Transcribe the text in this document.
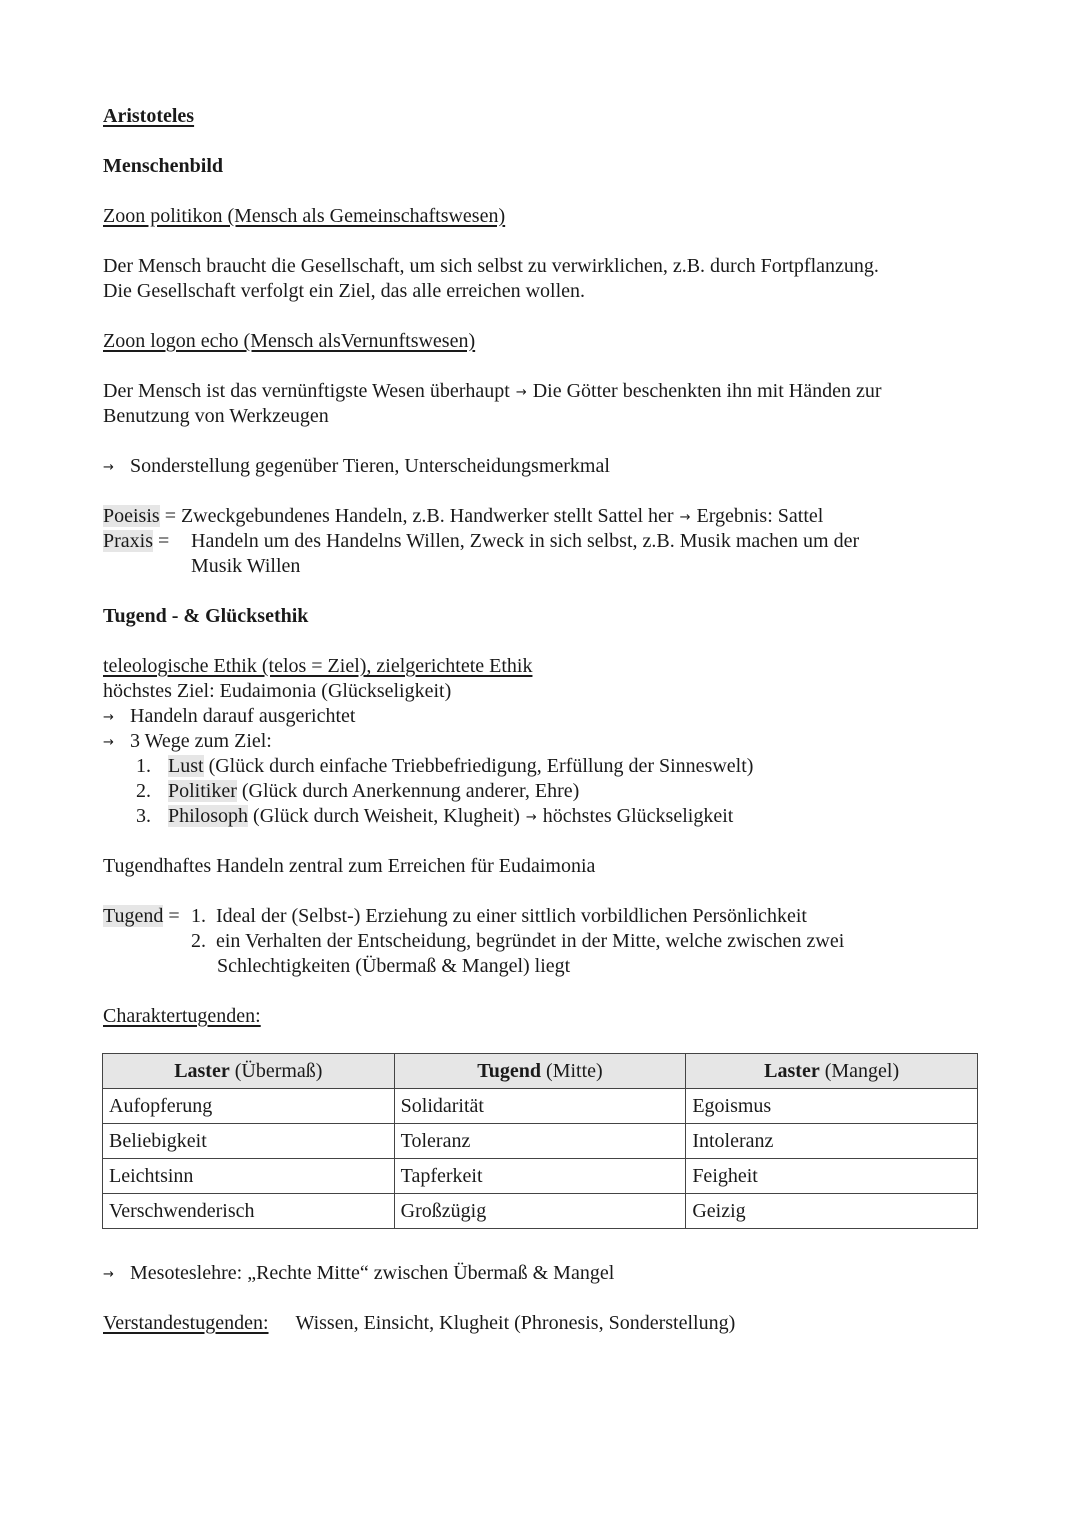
Aristoteles
Menschenbild
Zoon politikon (Mensch als Gemeinschaftswesen)
Der Mensch braucht die Gesellschaft, um sich selbst zu verwirklichen, z.B. durch Fortpflanzung.
Die Gesellschaft verfolgt ein Ziel, das alle erreichen wollen.
Zoon logon echo (Mensch alsVernunftswesen)
Der Mensch ist das vernünftigste Wesen überhaupt → Die Götter beschenkten ihn mit Händen zur
Benutzung von Werkzeugen
→ Sonderstellung gegenüber Tieren, Unterscheidungsmerkmal
Poeisis = Zweckgebundenes Handeln, z.B. Handwerker stellt Sattel her → Ergebnis: Sattel
Praxis = Handeln um des Handelns Willen, Zweck in sich selbst, z.B. Musik machen um der
Musik Willen
Tugend - & Glücksethik
teleologische Ethik (telos = Ziel), zielgerichtete Ethik
höchstes Ziel: Eudaimonia (Glückseligkeit)
→ Handeln darauf ausgerichtet
→ 3 Wege zum Ziel:
1. Lust (Glück durch einfache Triebbefriedigung, Erfüllung der Sinneswelt)
2. Politiker (Glück durch Anerkennung anderer, Ehre)
3. Philosoph (Glück durch Weisheit, Klugheit) → höchstes Glückseligkeit
Tugendhaftes Handeln zentral zum Erreichen für Eudaimonia
Tugend = 1. Ideal der (Selbst-) Erziehung zu einer sittlich vorbildlichen Persönlichkeit
2. ein Verhalten der Entscheidung, begründet in der Mitte, welche zwischen zwei
Schlechtigkeiten (Übermaß & Mangel) liegt
Charaktertugenden:
Laster (Übermaß)	Tugend (Mitte)	Laster (Mangel)
Aufopferung	Solidarität	Egoismus
Beliebigkeit	Toleranz	Intoleranz
Leichtsinn	Tapferkeit	Feigheit
Verschwenderisch	Großzügig	Geizig
→ Mesoteslehre: „Rechte Mitte“ zwischen Übermaß & Mangel
Verstandestugenden: Wissen, Einsicht, Klugheit (Phronesis, Sonderstellung)
